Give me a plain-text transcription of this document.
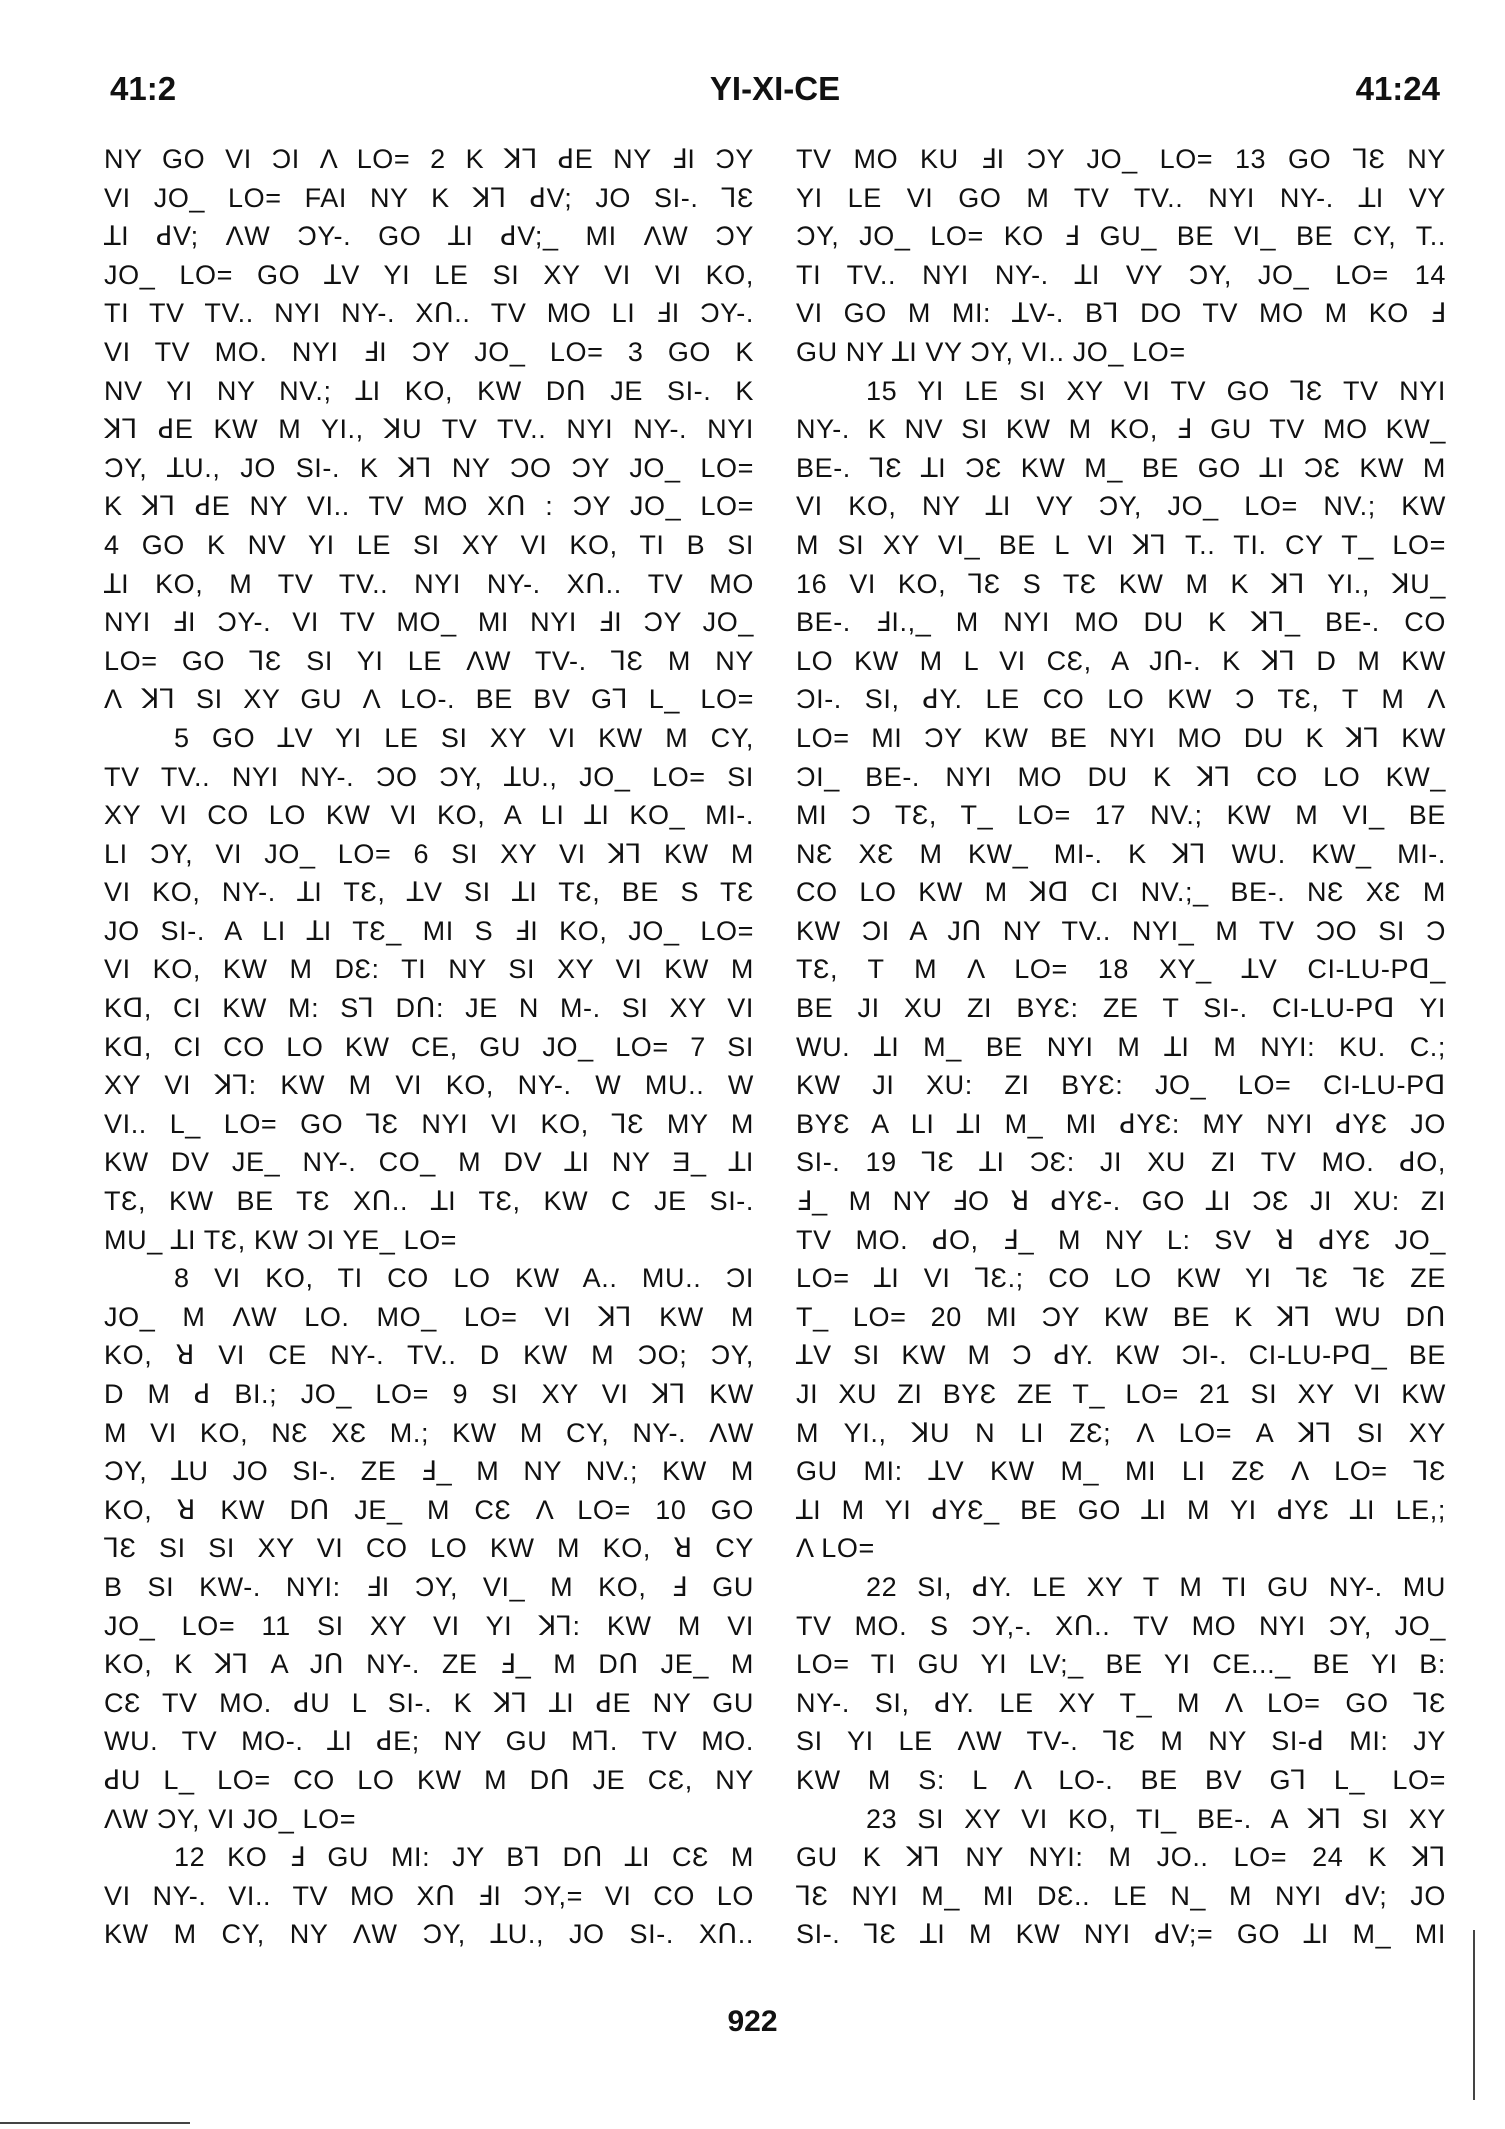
41:2	YI-XI-CE	41:24
NY GO VI ƆI Λ LO= 2 K ꓘꓶ ꓒE NY ꓞI ƆY
VI JO_ LO= FAI NY K ꓘꓶ ꓒV; JO SI-. ꓶƐ
ꓕI ꓒV; ΛW ƆY-. GO ꓕI ꓒV;_ MI ΛW ƆY
JO_ LO= GO ꓕV YI LE SI XY VI VI KO,
TI TV TV.. NYI NY-. Xꓵ.. TV MO LI ꓞI ƆY-.
VI TV MO. NYI ꓞI ƆY JO_ LO= 3 GO K
NV YI NY NV.; ꓕI KO, KW Dꓵ JE SI-. K
ꓘꓶ ꓒE KW M YI., ꓘU TV TV.. NYI NY-. NYI
ƆY, ꓕU., JO SI-. K ꓘꓶ NY ƆO ƆY JO_ LO=
K ꓘꓶ ꓒE NY VI.. TV MO Xꓵ : ƆY JO_ LO=
4 GO K NV YI LE SI XY VI KO, TI B SI
ꓕI KO, M TV TV.. NYI NY-. Xꓵ.. TV MO
NYI ꓞI ƆY-. VI TV MO_ MI NYI ꓞI ƆY JO_
LO= GO ꓶƐ SI YI LE ΛW TV-. ꓶƐ M NY
Λ ꓘꓶ SI XY GU Λ LO-. BE BV Gꓶ L_ LO=
5 GO ꓕV YI LE SI XY VI KW M CY,
TV TV.. NYI NY-. ƆO ƆY, ꓕU., JO_ LO= SI
XY VI CO LO KW VI KO, A LI ꓕI KO_ MI-.
LI ƆY, VI JO_ LO= 6 SI XY VI ꓘꓶ KW M
VI KO, NY-. ꓕI TƐ, ꓕV SI ꓕI TƐ, BE S TƐ
JO SI-. A LI ꓕI TƐ_ MI S ꓞI KO, JO_ LO=
VI KO, KW M DƐ: TI NY SI XY VI KW M
Kꓷ, CI KW M: Sꓶ Dꓵ: JE N M-. SI XY VI
Kꓷ, CI CO LO KW CE, GU JO_ LO= 7 SI
XY VI ꓘꓶ: KW M VI KO, NY-. W MU.. W
VI.. L_ LO= GO ꓶƐ NYI VI KO, ꓶƐ MY M
KW DV JE_ NY-. CO_ M DV ꓕI NY Ǝ_ ꓕI
TƐ, KW BE TƐ Xꓵ.. ꓕI TƐ, KW C JE SI-.
MU_ ꓕI TƐ, KW ƆI YE_ LO=
8 VI KO, TI CO LO KW A.. MU.. ƆI
JO_ M ΛW LO. MO_ LO= VI ꓘꓶ KW M
KO, ꓤ VI CE NY-. TV.. D KW M ƆO; ƆY,
D M ꓒ BI.; JO_ LO= 9 SI XY VI ꓘꓶ KW
M VI KO, NƐ XƐ M.; KW M CY, NY-. ΛW
ƆY, ꓕU JO SI-. ZE ꓞ_ M NY NV.; KW M
KO, ꓤ KW Dꓵ JE_ M CƐ Λ LO= 10 GO
ꓶƐ SI SI XY VI CO LO KW M KO, ꓤ CY
B SI KW-. NYI: ꓞI ƆY, VI_ M KO, ꓞ GU
JO_ LO= 11 SI XY VI YI ꓘꓶ: KW M VI
KO, K ꓘꓶ A Jꓵ NY-. ZE ꓞ_ M Dꓵ JE_ M
CƐ TV MO. ꓒU L SI-. K ꓘꓶ ꓕI ꓒE NY GU
WU. TV MO-. ꓕI ꓒE; NY GU Mꓶ. TV MO.
ꓒU L_ LO= CO LO KW M Dꓵ JE CƐ, NY
ΛW ƆY, VI JO_ LO=
12 KO ꓞ GU MI: JY Bꓶ Dꓵ ꓕI CƐ M
VI NY-. VI.. TV MO Xꓵ ꓞI ƆY,= VI CO LO
KW M CY, NY ΛW ƆY, ꓕU., JO SI-. Xꓵ..
TV MO KU ꓞI ƆY JO_ LO= 13 GO ꓶƐ NY
YI LE VI GO M TV TV.. NYI NY-. ꓕI VY
ƆY, JO_ LO= KO ꓞ GU_ BE VI_ BE CY, T..
TI TV.. NYI NY-. ꓕI VY ƆY, JO_ LO= 14
VI GO M MI: ꓕV-. Bꓶ DO TV MO M KO ꓞ
GU NY ꓕI VY ƆY, VI.. JO_ LO=
15 YI LE SI XY VI TV GO ꓶƐ TV NYI
NY-. K NV SI KW M KO, ꓞ GU TV MO KW_
BE-. ꓶƐ ꓕI ƆƐ KW M_ BE GO ꓕI ƆƐ KW M
VI KO, NY ꓕI VY ƆY, JO_ LO= NV.; KW
M SI XY VI_ BE L VI ꓘꓶ T.. TI. CY T_ LO=
16 VI KO, ꓶƐ S TƐ KW M K ꓘꓶ YI., ꓘU_
BE-. ꓞI.,_ M NYI MO DU K ꓘꓶ_ BE-. CO
LO KW M L VI CƐ, A Jꓵ-. K ꓘꓶ D M KW
ƆI-. SI, ꓒY. LE CO LO KW Ɔ TƐ, T M Λ
LO= MI ƆY KW BE NYI MO DU K ꓘꓶ KW
ƆI_ BE-. NYI MO DU K ꓘꓶ CO LO KW_
MI Ɔ TƐ, T_ LO= 17 NV.; KW M VI_ BE
NƐ XƐ M KW_ MI-. K ꓘꓶ WU. KW_ MI-.
CO LO KW M ꓘꓷ CI NV.;_ BE-. NƐ XƐ M
KW ƆI A Jꓵ NY TV.. NYI_ M TV ƆO SI Ɔ
TƐ, T M Λ LO= 18 XY_ ꓕV CI-LU-Pꓷ_
BE JI XU ZI BYƐ: ZE T SI-. CI-LU-Pꓷ YI
WU. ꓕI M_ BE NYI M ꓕI M NYI: KU. C.;
KW JI XU: ZI BYƐ: JO_ LO= CI-LU-Pꓷ
BYƐ A LI ꓕI M_ MI ꓒYƐ: MY NYI ꓒYƐ JO
SI-. 19 ꓶƐ ꓕI ƆƐ: JI XU ZI TV MO. ꓒO,
ꓞ_ M NY ꓞO ꓤ ꓒYƐ-. GO ꓕI ƆƐ JI XU: ZI
TV MO. ꓒO, ꓞ_ M NY L: SV ꓤ ꓒYƐ JO_
LO= ꓕI VI ꓶƐ.; CO LO KW YI ꓶƐ ꓶƐ ZE
T_ LO= 20 MI ƆY KW BE K ꓘꓶ WU Dꓵ
ꓕV SI KW M Ɔ ꓒY. KW ƆI-. CI-LU-Pꓷ_ BE
JI XU ZI BYƐ ZE T_ LO= 21 SI XY VI KW
M YI., ꓘU N LI ZƐ; Λ LO= A ꓘꓶ SI XY
GU MI: ꓕV KW M_ MI LI ZƐ Λ LO= ꓶƐ
ꓕI M YI ꓒYƐ_ BE GO ꓕI M YI ꓒYƐ ꓕI LE,;
Λ LO=
22 SI, ꓒY. LE XY T M TI GU NY-. MU
TV MO. S ƆY,-. Xꓵ.. TV MO NYI ƆY, JO_
LO= TI GU YI LV;_ BE YI CE..._ BE YI B:
NY-. SI, ꓒY. LE XY T_ M Λ LO= GO ꓶƐ
SI YI LE ΛW TV-. ꓶƐ M NY SI-ꓒ MI: JY
KW M S: L Λ LO-. BE BV Gꓶ L_ LO=
23 SI XY VI KO, TI_ BE-. A ꓘꓶ SI XY
GU K ꓘꓶ NY NYI: M JO.. LO= 24 K ꓘꓶ
ꓶƐ NYI M_ MI DƐ.. LE N_ M NYI ꓒV; JO
SI-. ꓶƐ ꓕI M KW NYI ꓒV;= GO ꓕI M_ MI
922
